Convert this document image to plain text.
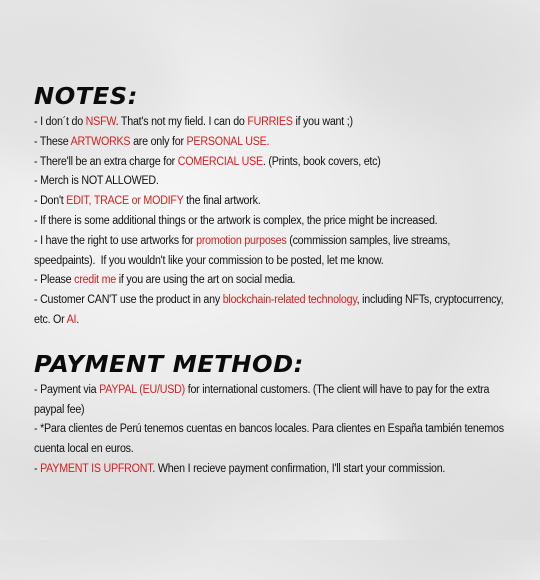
NOTES:
- I don´t do NSFW. That's not my field. I can do FURRIES if you want ;)
- These ARTWORKS are only for PERSONAL USE.
- There'll be an extra charge for COMERCIAL USE. (Prints, book covers, etc)
- Merch is NOT ALLOWED.
- Don't EDIT, TRACE or MODIFY the final artwork.
- If there is some additional things or the artwork is complex, the price might be increased.
- I have the right to use artworks for promotion purposes (commission samples, live streams, speedpaints).  If you wouldn't like your commission to be posted, let me know.
- Please credit me if you are using the art on social media.
- Customer CAN'T use the product in any blockchain-related technology, including NFTs, cryptocurrency, etc. Or AI.
PAYMENT METHOD:
- Payment via PAYPAL (EU/USD) for international customers. (The client will have to pay for the extra paypal fee)
- *Para clientes de Perú tenemos cuentas en bancos locales. Para clientes en España también tenemos cuenta local en euros.
- PAYMENT IS UPFRONT. When I recieve payment confirmation, I'll start your commission.
